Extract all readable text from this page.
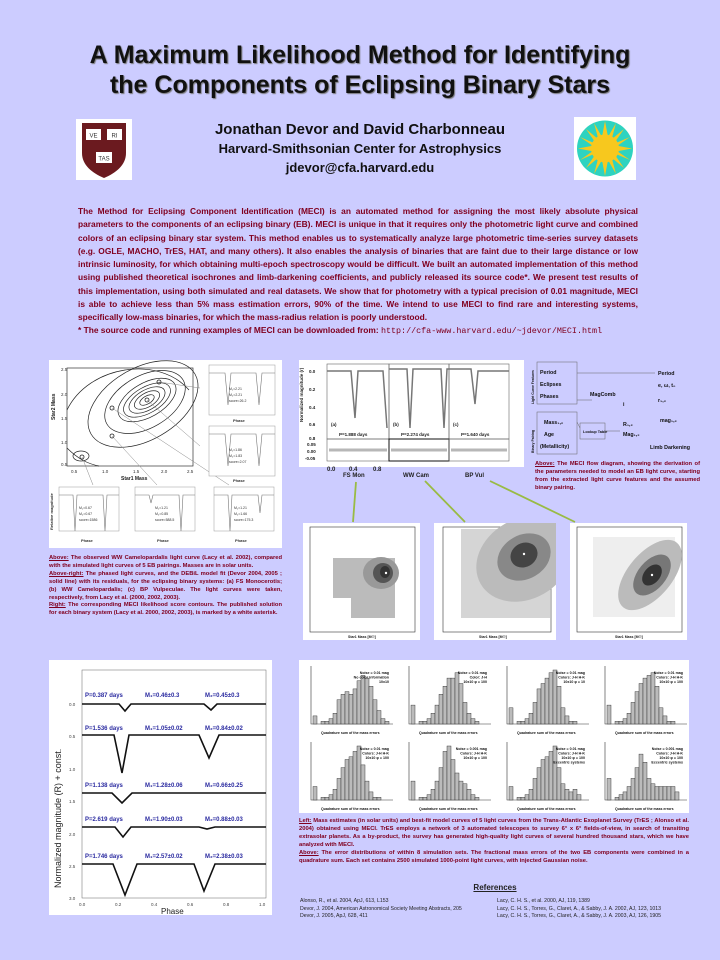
A Maximum Likelihood Method for Identifying
the Components of Eclipsing Binary Stars
VE RI
TAS
Jonathan Devor and David Charbonneau
Harvard-Smithsonian Center for Astrophysics
jdevor@cfa.harvard.edu
The Method for Eclipsing Component Identification (MECI) is an automated method for assigning the most likely absolute physical parameters to the components of an eclipsing binary (EB). MECI is unique in that it requires only the photometric light curve and combined colors of an eclipsing binary star system. This method enables us to systematically analyze large photometric time-series survey datasets (e.g. OGLE, MACHO, TrES, HAT, and many others). It also enables the analysis of binaries that are faint due to their large distance or low intrinsic luminosity, for which obtaining multi-epoch spectroscopy would be difficult. We built an automated implementation of this method using published theoretical isochrones and limb-darkening coefficients, and publicly released its source code*. We present test results of this implementation, using both simulated and real datasets. We show that for photometry with a typical precision of 0.01 magnitude, MECI is able to achieve less than 5% mass estimation errors, 90% of the time. We intend to use MECI to find rare and interesting systems, specifically low-mass binaries, for which the mass-radius relation is poorly understood.
* The source code and running examples of MECI can be downloaded from: http://cfa-www.harvard.edu/~jdevor/MECI.html
2.5
2.0
1.5
1.0
0.5
0.5	1.0	1.5	2.0	2.5
Star1 Mass
Star2 Mass
M₁=2.21
M₂=2.21
score=26.2
M₁=1.86
M₂=1.83
score=2.07
M₁=0.67
M₂=0.67
score=1586
M₁=1.21
M₂=0.85
score=588.5
M₁=1.21
M₂=1.66
score=175.3
Phase
Phase
Phase	Phase	Phase
Relative magnitude
Above: The observed WW Camelopardalis light curve (Lacy et al. 2002), compared with the simulated light curves of 5 EB pairings. Masses are in solar units.
Above-right: The phased light curves, and the DEBiL model fit (Devor 2004, 2005 ; solid line) with its residuals, for the eclipsing binary systems: (a) FS Monocerotis; (b) WW Camelopardalis; (c) BP Vulpeculae. The light curves were taken, respectively, from Lacy et al. (2000, 2002, 2003).
Right: The corresponding MECI likelihood score contours. The published solution for each binary system (Lacy et al. 2000, 2002, 2003), is marked by a white asterisk.
0.0
0.2
0.4
0.6
0.8
0.05
0.00
-0.05
(a)	(b)	(c)
P=1.888 days	P=2.274 days	P=1.640 days
Normalized magnitude (r)
0.0 0.4	0.8
FS Mon	WW Cam	BP Vul
Period
Eclipses
Phases
Mass₁,₂
Age
(Metallicity)
MagComb
Period
e, ω, t₀
i
r₁,₂
R₁,₂
Mag₁,₂
mag₁,₂
Limb Darkening
Lookup Table
Light Curve Features
Binary Pairing
Above: The MECI flow diagram, showing the derivation of the parameters needed to model an EB light curve, starting from the extracted light curve features and the assumed binary pairing.
Star1 Mass [M☉]	Star1 Mass [M☉]	Star1 Mass [M☉]
P=0.387 days	M₁=0.46±0.3	M₂=0.45±0.3
P=1.536 days	M₁=1.05±0.02	M₂=0.84±0.02
P=1.138 days	M₁=1.28±0.06	M₂=0.66±0.25
P=2.619 days	M₁=1.90±0.03	M₂=0.88±0.03
P=1.746 days	M₁=2.57±0.02	M₂=2.38±0.03
0.0
0.5
1.0
1.5
2.0
2.5
3.0
0.0	0.2	0.4	0.6	0.8	1.0
Phase
Normalized magnitude (R) + const.
Noise = 0.01 mag
No color information
10x10
Quadrature sum of the mass errors
Noise = 0.01 mag
Color: J-H
10x10 φ = 100
Quadrature sum of the mass errors
Noise = 0.01 mag
Colors: J-H H-K
10x10 φ = 10
Quadrature sum of the mass errors
Noise = 0.01 mag
Colors: J-H H-K
10x10 φ = 100
Quadrature sum of the mass errors
Noise = 0.01 mag
Colors: J-H H-K
10x10 φ = 100
Quadrature sum of the mass errors
Noise = 0.001 mag
Colors: J-H H-K
10x10 φ = 100
Quadrature sum of the mass errors
Noise = 0.01 mag
Colors: J-H H-K
10x10 φ = 100
Eccentric systems
Quadrature sum of the mass errors
Noise = 0.001 mag
Colors: J-H H-K
10x10 φ = 100
Eccentric systems
Quadrature sum of the mass errors
Left: Mass estimates (in solar units) and best-fit model curves of 5 light curves from the Trans-Atlantic Exoplanet Survey (TrES ; Alonso et al. 2004) obtained using MECI. TrES employs a network of 3 automated telescopes to survey 6° x 6° fields-of-view, in search of transiting extrasolar planets. As a by-product, the survey has generated high-quality light curves of several hundred thousand stars, which we have analyzed with MECI.
Above: The error distributions of within 8 simulation sets. The fractional mass errors of the two EB components were combined in a quadrature sum. Each set contains 2500 simulated 1000-point light curves, with injected Gaussian noise.
References
Alonso, R., et al. 2004, ApJ, 613, L153
Devor, J. 2004, American Astronomical Society Meeting Abstracts, 205
Devor, J. 2005, ApJ, 628, 411
Lacy, C. H. S., et al. 2000, AJ, 119, 1389
Lacy, C. H. S., Torres, G., Claret, A., & Sabby, J. A. 2002, AJ, 123, 1013
Lacy, C. H. S., Torres, G., Claret, A., & Sabby, J. A. 2003, AJ, 126, 1905
